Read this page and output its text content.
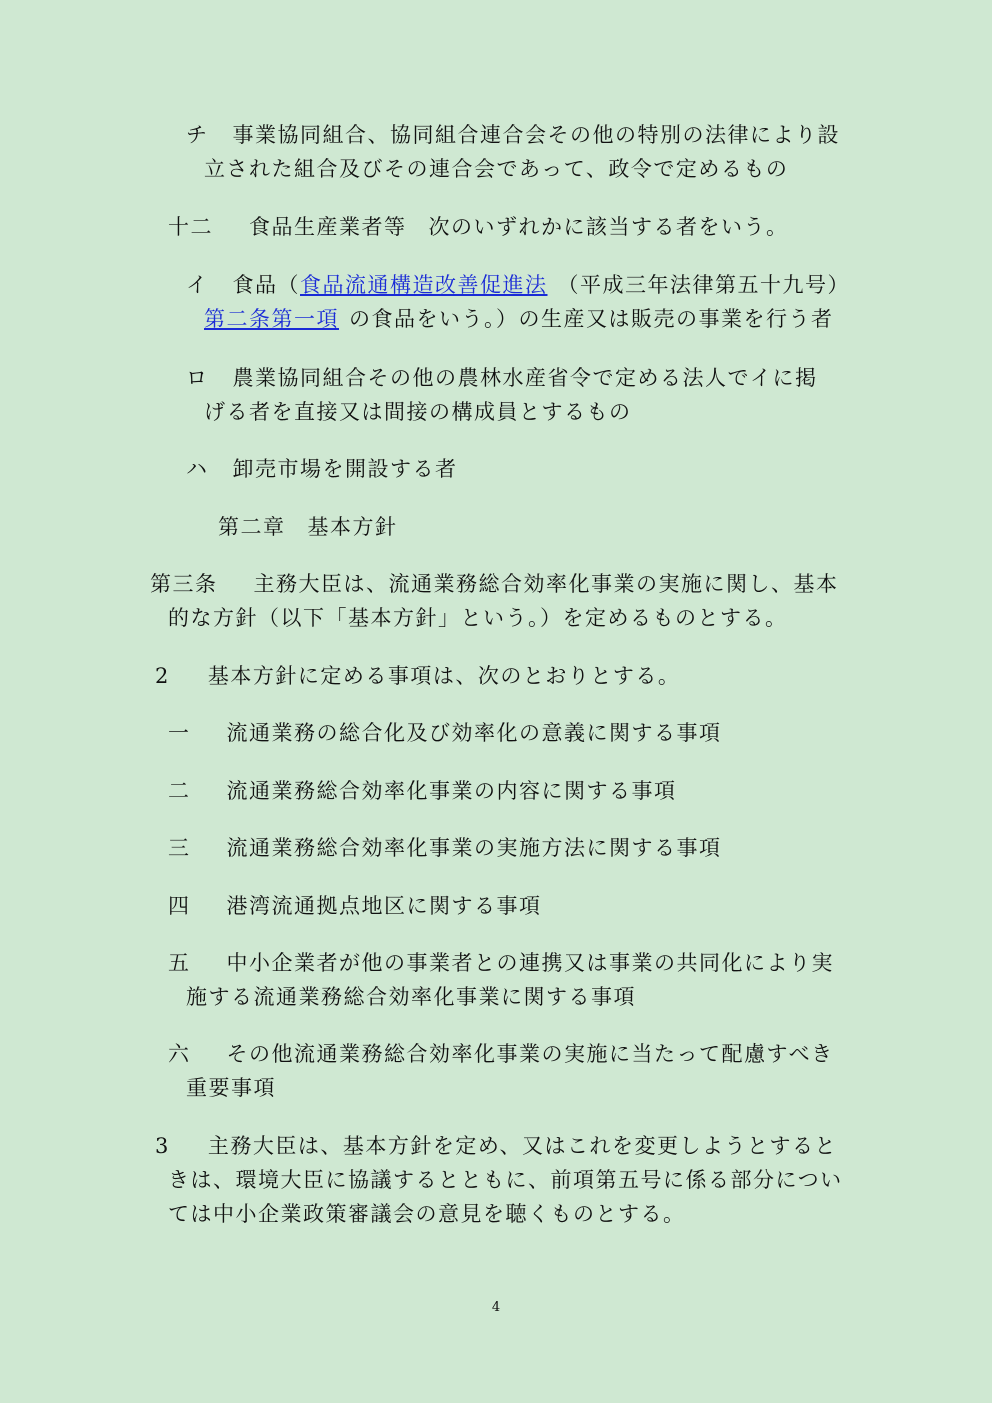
チ 事業協同組合、協同組合連合会その他の特別の法律により設
立された組合及びその連合会であって、政令で定めるもの
十二 食品生産業者等 次のいずれかに該当する者をいう。
イ 食品（食品流通構造改善促進法 （平成三年法律第五十九号）
第二条第一項 の食品をいう。）の生産又は販売の事業を行う者
ロ 農業協同組合その他の農林水産省令で定める法人でイに掲
げる者を直接又は間接の構成員とするもの
ハ 卸売市場を開設する者
第二章 基本方針
第三条 主務大臣は、流通業務総合効率化事業の実施に関し、基本
的な方針（以下「基本方針」という。）を定めるものとする。
2 基本方針に定める事項は、次のとおりとする。
一 流通業務の総合化及び効率化の意義に関する事項
二 流通業務総合効率化事業の内容に関する事項
三 流通業務総合効率化事業の実施方法に関する事項
四 港湾流通拠点地区に関する事項
五 中小企業者が他の事業者との連携又は事業の共同化により実
施する流通業務総合効率化事業に関する事項
六 その他流通業務総合効率化事業の実施に当たって配慮すべき
重要事項
3 主務大臣は、基本方針を定め、又はこれを変更しようとすると
きは、環境大臣に協議するとともに、前項第五号に係る部分につい
ては中小企業政策審議会の意見を聴くものとする。
4
